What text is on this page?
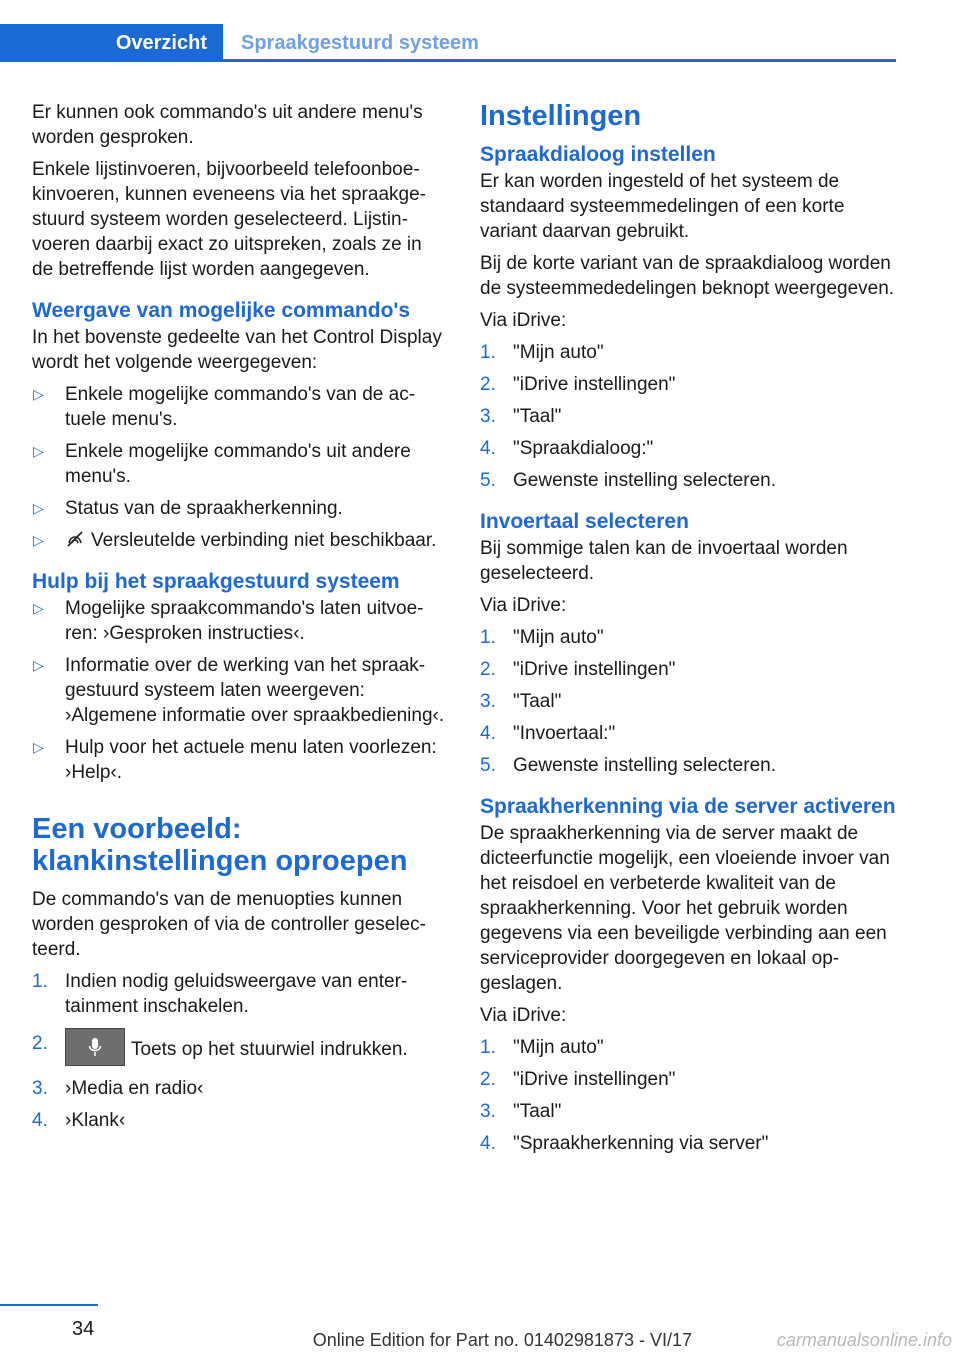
Overzicht	Spraakgestuurd systeem

Er kunnen ook commando's uit andere menu's worden gesproken.

Enkele lijstinvoeren, bijvoorbeeld telefoonboekinvoeren, kunnen eveneens via het spraakgestuurd systeem worden geselecteerd. Lijstinvoeren daarbij exact zo uitspreken, zoals ze in de betreffende lijst worden aangegeven.

Weergave van mogelijke commando's

In het bovenste gedeelte van het Control Display wordt het volgende weergegeven:

▷ Enkele mogelijke commando's van de actuele menu's.
▷ Enkele mogelijke commando's uit andere menu's.
▷ Status van de spraakherkenning.
▷ Versleutelde verbinding niet beschikbaar.
Hulp bij het spraakgestuurd systeem
▷ Mogelijke spraakcommando's laten uitvoeren: ›Gesproken instructies‹.
▷ Informatie over de werking van het spraakgestuurd systeem laten weergeven: ›Algemene informatie over spraakbediening‹.
▷ Hulp voor het actuele menu laten voorlezen: ›Help‹.
Een voorbeeld: klankinstellingen oproepen

De commando's van de menuopties kunnen worden gesproken of via de controller geselecteerd.

1. Indien nodig geluidsweergave van entertainment inschakelen.
2.	Toets op het stuurwiel indrukken.
3. ›Media en radio‹
4. ›Klank‹
Instellingen
Spraakdialoog instellen

Er kan worden ingesteld of het systeem de standaard systeemmedelingen of een korte variant daarvan gebruikt.

Bij de korte variant van de spraakdialoog worden de systeemmededelingen beknopt weergegeven.

Via iDrive:

1. "Mijn auto"
2. "iDrive instellingen"
3. "Taal"
4. "Spraakdialoog:"
5. Gewenste instelling selecteren.
Invoertaal selecteren

Bij sommige talen kan de invoertaal worden geselecteerd.

Via iDrive:

1. "Mijn auto"
2. "iDrive instellingen"
3. "Taal"
4. "Invoertaal:"
5. Gewenste instelling selecteren.
Spraakherkenning via de server activeren

De spraakherkenning via de server maakt de dicteerfunctie mogelijk, een vloeiende invoer van het reisdoel en verbeterde kwaliteit van de spraakherkenning. Voor het gebruik worden gegevens via een beveiligde verbinding aan een serviceprovider doorgegeven en lokaal opgeslagen.

Via iDrive:

1. "Mijn auto"
2. "iDrive instellingen"
3. "Taal"
4. "Spraakherkenning via server"
34	Online Edition for Part no. 01402981873 - VI/17	carmanualsonline.info
